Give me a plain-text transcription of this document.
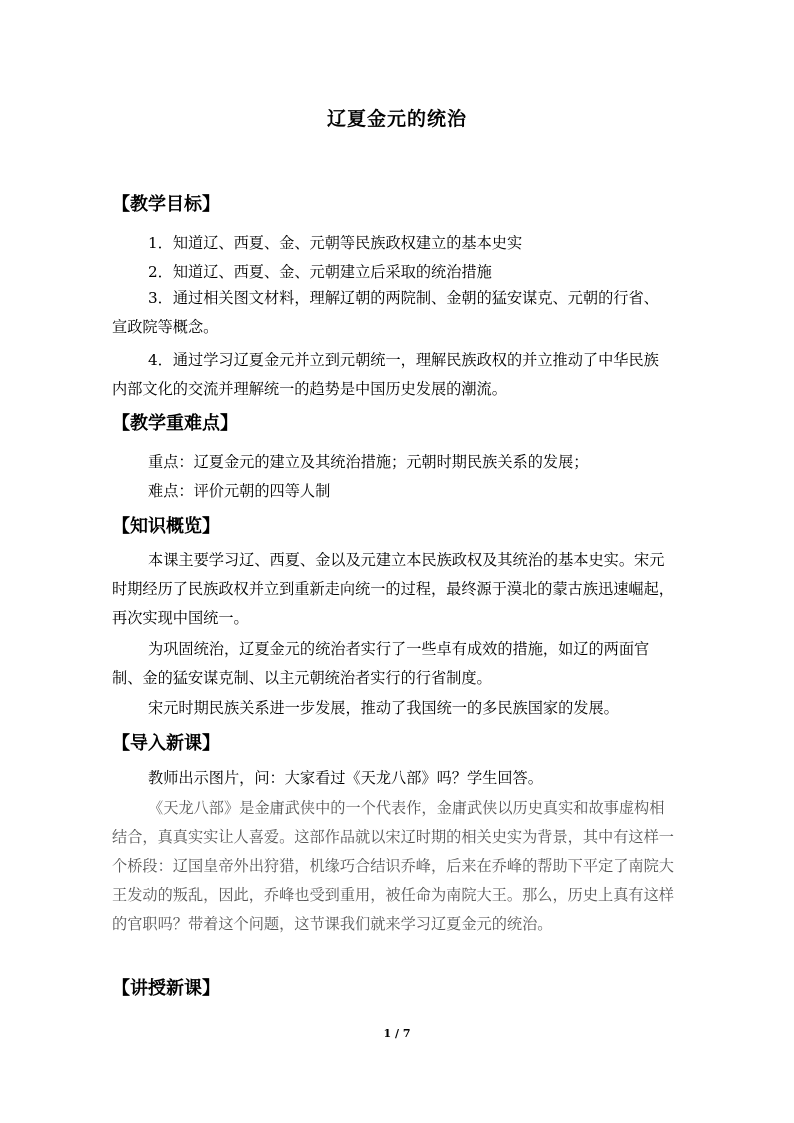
辽夏金元的统治
【教学目标】
1．知道辽、西夏、金、元朝等民族政权建立的基本史实
2．知道辽、西夏、金、元朝建立后采取的统治措施

3．通过相关图文材料，理解辽朝的两院制、金朝的猛安谋克、元朝的行省、宣政院等概念。

4．通过学习辽夏金元并立到元朝统一，理解民族政权的并立推动了中华民族内部文化的交流并理解统一的趋势是中国历史发展的潮流。

【教学重难点】
重点：辽夏金元的建立及其统治措施；元朝时期民族关系的发展；
难点：评价元朝的四等人制
【知识概览】

本课主要学习辽、西夏、金以及元建立本民族政权及其统治的基本史实。宋元时期经历了民族政权并立到重新走向统一的过程，最终源于漠北的蒙古族迅速崛起，再次实现中国统一。

为巩固统治，辽夏金元的统治者实行了一些卓有成效的措施，如辽的两面官制、金的猛安谋克制、以主元朝统治者实行的行省制度。

宋元时期民族关系进一步发展，推动了我国统一的多民族国家的发展。

【导入新课】

教师出示图片，问：大家看过《天龙八部》吗？学生回答。

《天龙八部》是金庸武侠中的一个代表作，金庸武侠以历史真实和故事虚构相结合，真真实实让人喜爱。这部作品就以宋辽时期的相关史实为背景，其中有这样一个桥段：辽国皇帝外出狩猎，机缘巧合结识乔峰，后来在乔峰的帮助下平定了南院大王发动的叛乱，因此，乔峰也受到重用，被任命为南院大王。那么，历史上真有这样的官职吗？带着这个问题，这节课我们就来学习辽夏金元的统治。

【讲授新课】
1 / 7
